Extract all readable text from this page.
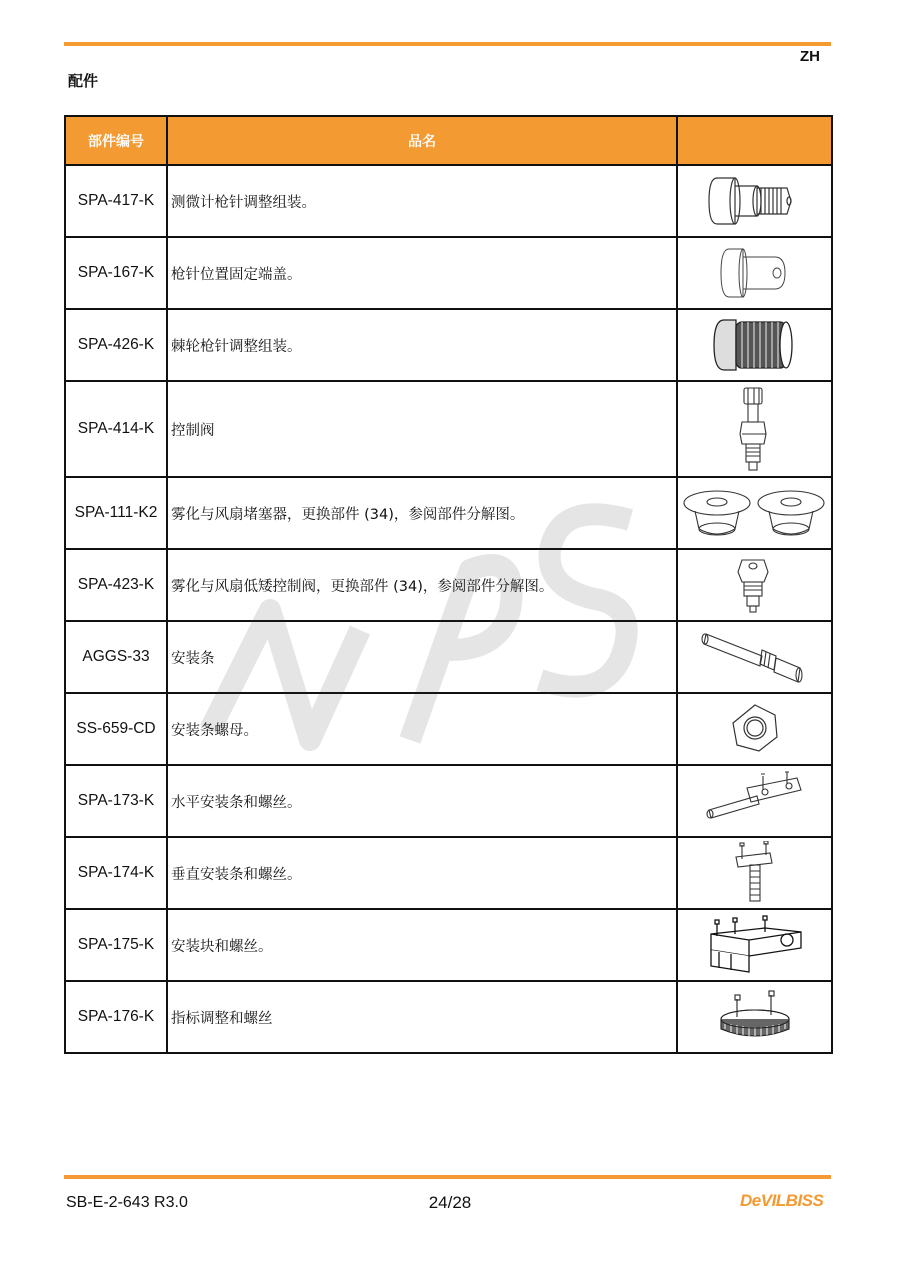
ZH
配件
部件编号	品名	
SPA-417-K	测微计枪针调整组装。	

SPA-167-K	枪针位置固定端盖。	

SPA-426-K	棘轮枪针调整组装。	

SPA-414-K	控制阀	

SPA-111-K2	雾化与风扇堵塞器，更换部件 (34)，参阅部件分解图。	

SPA-423-K	雾化与风扇低矮控制阀，更换部件 (34)，参阅部件分解图。	

AGGS-33	安装条	

SS-659-CD	安装条螺母。	

SPA-173-K	水平安装条和螺丝。	

SPA-174-K	垂直安装条和螺丝。	

SPA-175-K	安装块和螺丝。	

SPA-176-K	指标调整和螺丝	
SB-E-2-643 R3.0	24/28	DeVILBISS
